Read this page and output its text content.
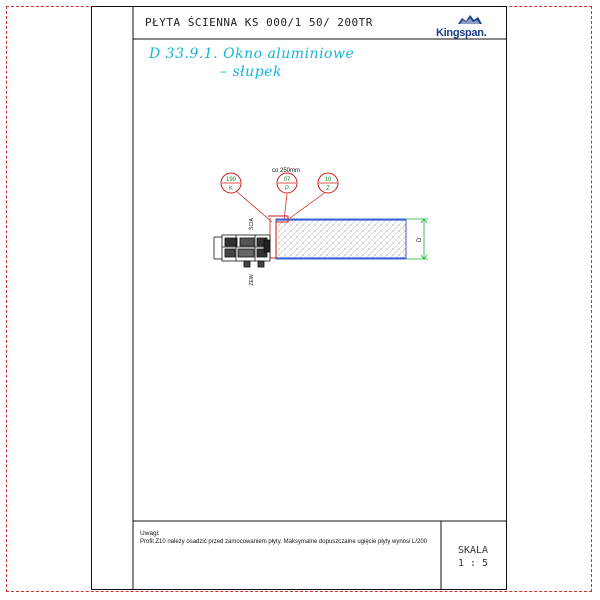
PŁYTA ŚCIENNA KS 000/1 50/ 200TR
Kingspan.
D 33.9.1. Okno aluminiowe
– słupek
199
K
07
P
10
Z
co 250mm
D
ŚCIA
ZEW
Uwagi:
Profil Z10 należy osadzić przed zamocowaniem płyty. Maksymalne dopuszczalne ugięcie płyty wynosi L/200
SKALA
1 : 5
